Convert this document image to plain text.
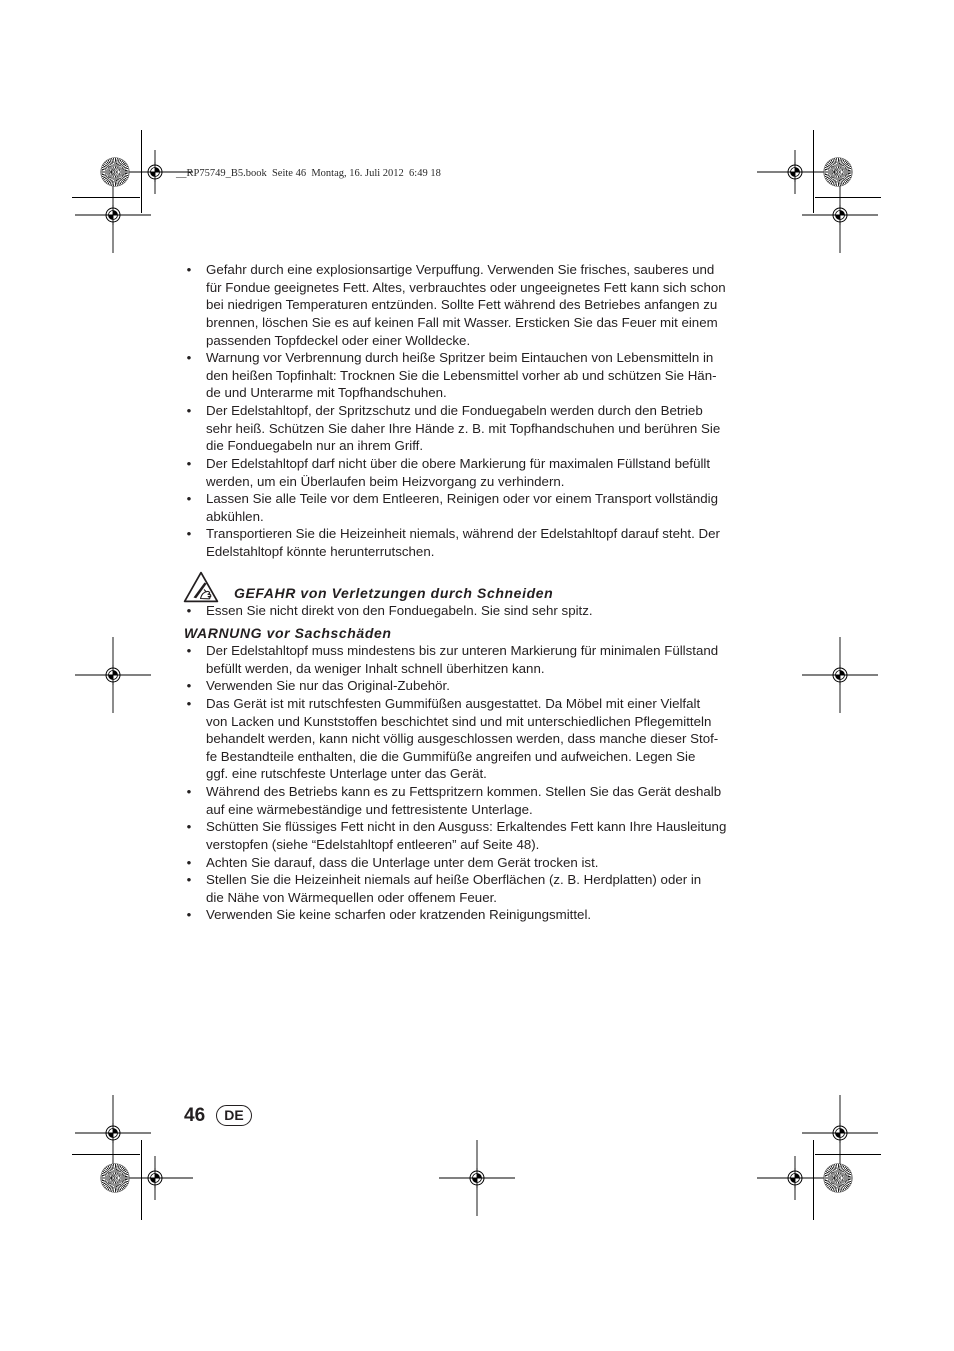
__RP75749_B5.book  Seite 46  Montag, 16. Juli 2012  6:49 18
• Gefahr durch eine explosionsartige Verpuffung. Verwenden Sie frisches, sauberes und
für Fondue geeignetes Fett. Altes, verbrauchtes oder ungeeignetes Fett kann sich schon
bei niedrigen Temperaturen entzünden. Sollte Fett während des Betriebes anfangen zu
brennen, löschen Sie es auf keinen Fall mit Wasser. Ersticken Sie das Feuer mit einem
passenden Topfdeckel oder einer Wolldecke.
• Warnung vor Verbrennung durch heiße Spritzer beim Eintauchen von Lebensmitteln in
den heißen Topfinhalt: Trocknen Sie die Lebensmittel vorher ab und schützen Sie Hän-
de und Unterarme mit Topfhandschuhen.
• Der Edelstahltopf, der Spritzschutz und die Fonduegabeln werden durch den Betrieb
sehr heiß. Schützen Sie daher Ihre Hände z. B. mit Topfhandschuhen und berühren Sie
die Fonduegabeln nur an ihrem Griff.
• Der Edelstahltopf darf nicht über die obere Markierung für maximalen Füllstand befüllt
werden, um ein Überlaufen beim Heizvorgang zu verhindern.
• Lassen Sie alle Teile vor dem Entleeren, Reinigen oder vor einem Transport vollständig
abkühlen.
• Transportieren Sie die Heizeinheit niemals, während der Edelstahltopf darauf steht. Der
Edelstahltopf könnte herunterrutschen.
GEFAHR von Verletzungen durch Schneiden
• Essen Sie nicht direkt von den Fonduegabeln. Sie sind sehr spitz.
WARNUNG vor Sachschäden
• Der Edelstahltopf muss mindestens bis zur unteren Markierung für minimalen Füllstand
befüllt werden, da weniger Inhalt schnell überhitzen kann.
• Verwenden Sie nur das Original-Zubehör.
• Das Gerät ist mit rutschfesten Gummifüßen ausgestattet. Da Möbel mit einer Vielfalt
von Lacken und Kunststoffen beschichtet sind und mit unterschiedlichen Pflegemitteln
behandelt werden, kann nicht völlig ausgeschlossen werden, dass manche dieser Stof-
fe Bestandteile enthalten, die die Gummifüße angreifen und aufweichen. Legen Sie
ggf. eine rutschfeste Unterlage unter das Gerät.
• Während des Betriebs kann es zu Fettspritzern kommen. Stellen Sie das Gerät deshalb
auf eine wärmebeständige und fettresistente Unterlage.
• Schütten Sie flüssiges Fett nicht in den Ausguss: Erkaltendes Fett kann Ihre Hausleitung
verstopfen (siehe “Edelstahltopf entleeren” auf Seite 48).
• Achten Sie darauf, dass die Unterlage unter dem Gerät trocken ist.
• Stellen Sie die Heizeinheit niemals auf heiße Oberflächen (z. B. Herdplatten) oder in
die Nähe von Wärmequellen oder offenem Feuer.
• Verwenden Sie keine scharfen oder kratzenden Reinigungsmittel.
46	DE
